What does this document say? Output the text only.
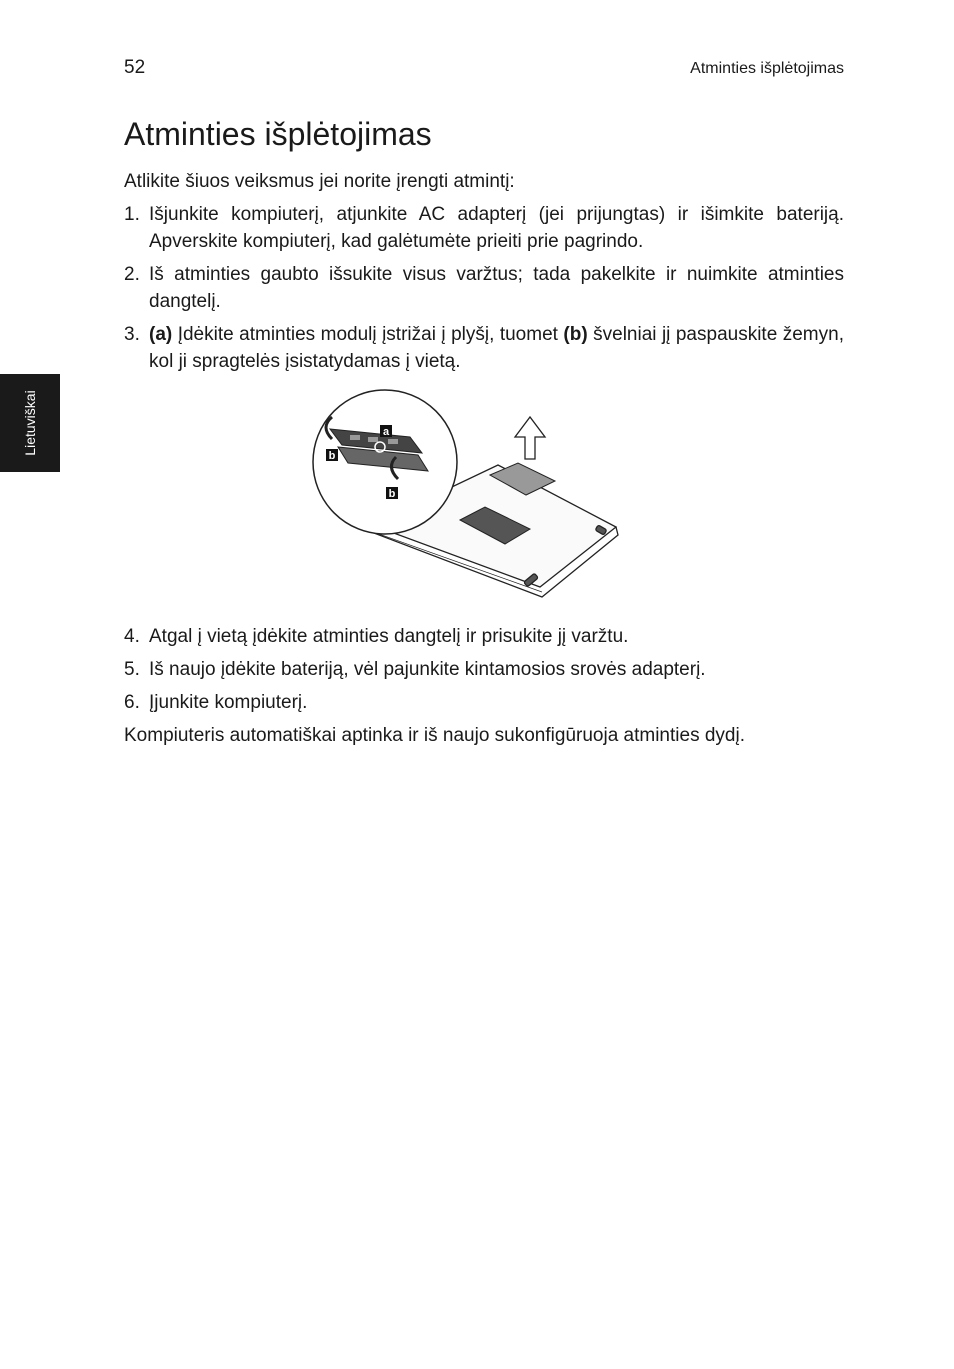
52	Atminties išplėtojimas
Atminties išplėtojimas
Lietuviškai

Atlikite šiuos veiksmus jei norite įrengti atmintį:

1. Išjunkite kompiuterį, atjunkite AC adapterį (jei prijungtas) ir išimkite bateriją. Apverskite kompiuterį, kad galėtumėte prieiti prie pagrindo.
2. Iš atminties gaubto išsukite visus varžtus; tada pakelkite ir nuimkite atminties dangtelį.
3. (a) Įdėkite atminties modulį įstrižai į plyšį, tuomet (b) švelniai jį paspauskite žemyn, kol ji spragtelės įsistatydamas į vietą.
a
b
b
4. Atgal į vietą įdėkite atminties dangtelį ir prisukite jį varžtu.
5. Iš naujo įdėkite bateriją, vėl pajunkite kintamosios srovės adapterį.
6. Įjunkite kompiuterį.

Kompiuteris automatiškai aptinka ir iš naujo sukonfigūruoja atminties dydį.
